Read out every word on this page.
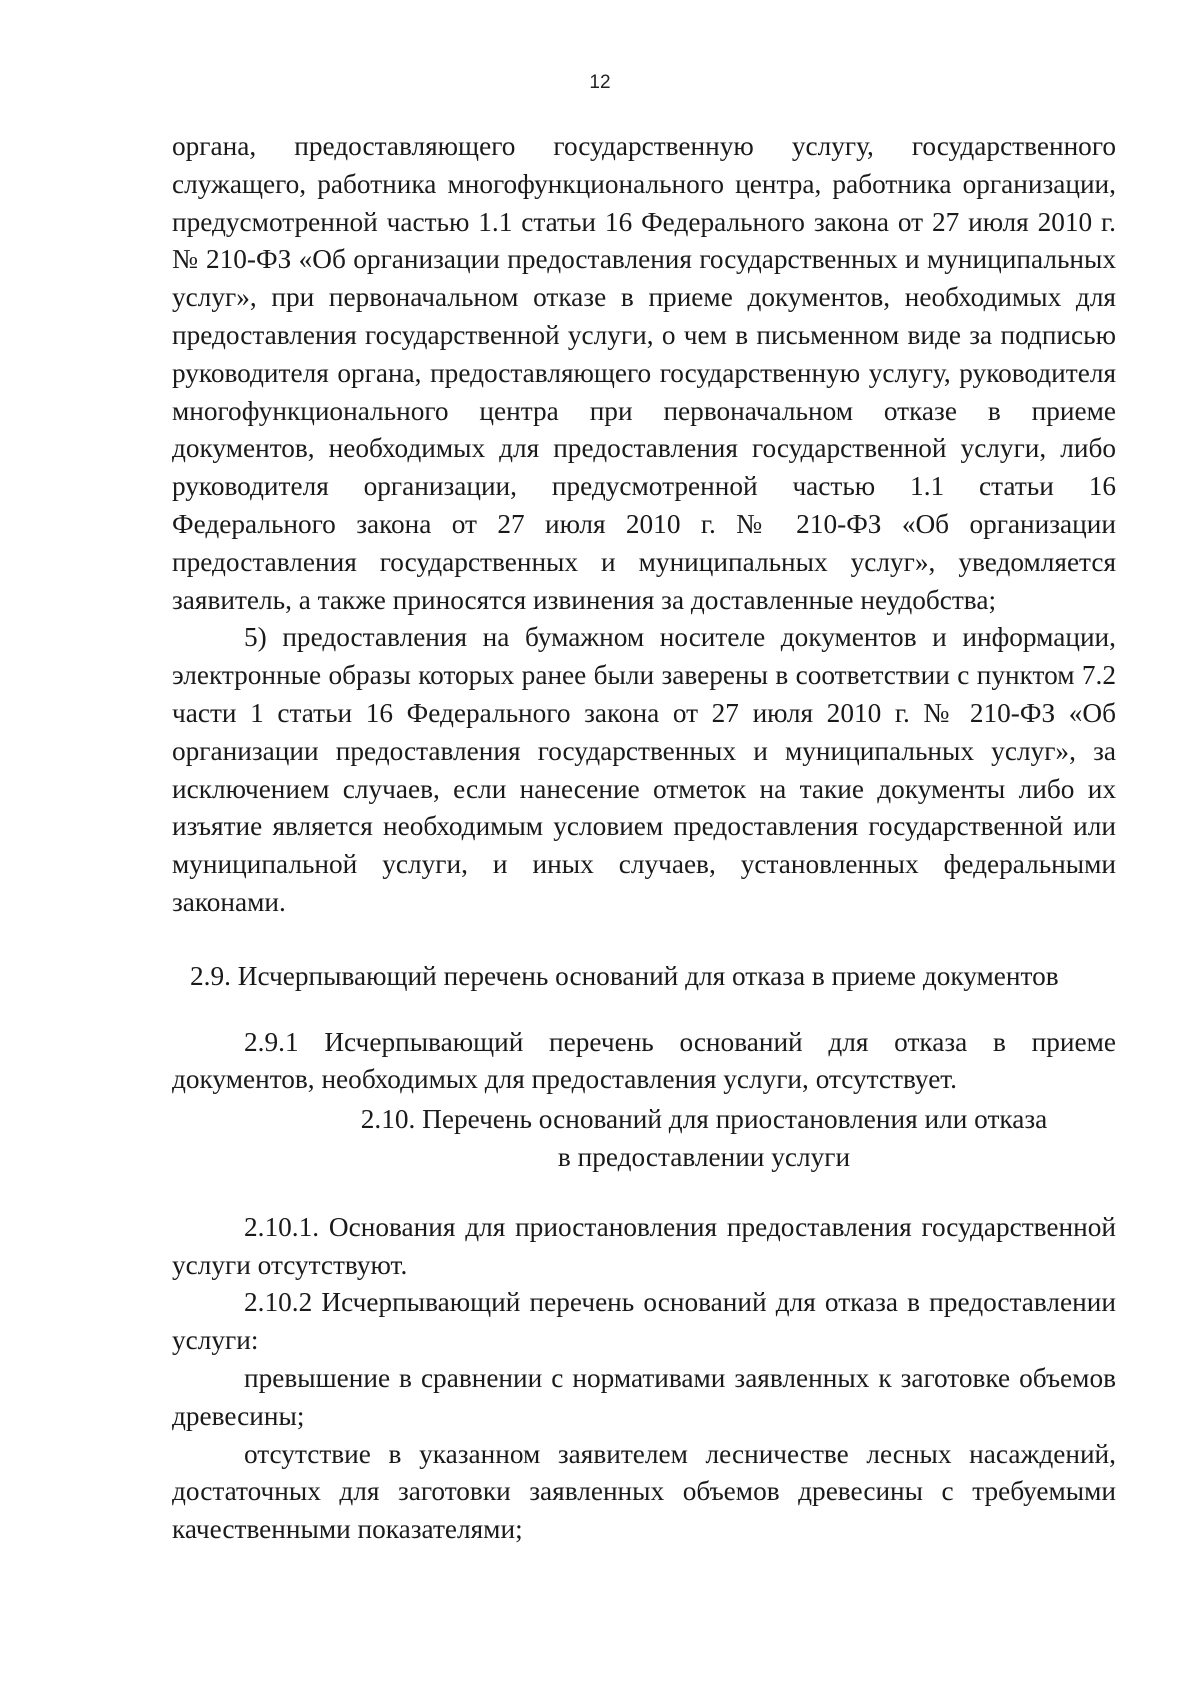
12

органа, предоставляющего государственную услугу, государственного служащего, работника многофункционального центра, работника организации, предусмотренной частью 1.1 статьи 16 Федерального закона от 27 июля 2010 г. № 210-ФЗ «Об организации предоставления государственных и муниципальных услуг», при первоначальном отказе в приеме документов, необходимых для предоставления государственной услуги, о чем в письменном виде за подписью руководителя органа, предоставляющего государственную услугу, руководителя многофункционального центра при первоначальном отказе в приеме документов, необходимых для предоставления государственной услуги, либо руководителя организации, предусмотренной частью 1.1 статьи 16 Федерального закона от 27 июля 2010 г. № 210-ФЗ «Об организации предоставления государственных и муниципальных услуг», уведомляется заявитель, а также приносятся извинения за доставленные неудобства;

5) предоставления на бумажном носителе документов и информации, электронные образы которых ранее были заверены в соответствии с пунктом 7.2 части 1 статьи 16 Федерального закона от 27 июля 2010 г. № 210-ФЗ «Об организации предоставления государственных и муниципальных услуг», за исключением случаев, если нанесение отметок на такие документы либо их изъятие является необходимым условием предоставления государственной или муниципальной услуги, и иных случаев, установленных федеральными законами.

2.9. Исчерпывающий перечень оснований для отказа в приеме документов

2.9.1 Исчерпывающий перечень оснований для отказа в приеме документов, необходимых для предоставления услуги, отсутствует.

2.10. Перечень оснований для приостановления или отказа
в предоставлении услуги

2.10.1. Основания для приостановления предоставления государственной услуги отсутствуют.

2.10.2 Исчерпывающий перечень оснований для отказа в предоставлении услуги:

превышение в сравнении с нормативами заявленных к заготовке объемов древесины;

отсутствие в указанном заявителем лесничестве лесных насаждений, достаточных для заготовки заявленных объемов древесины с требуемыми качественными показателями;
